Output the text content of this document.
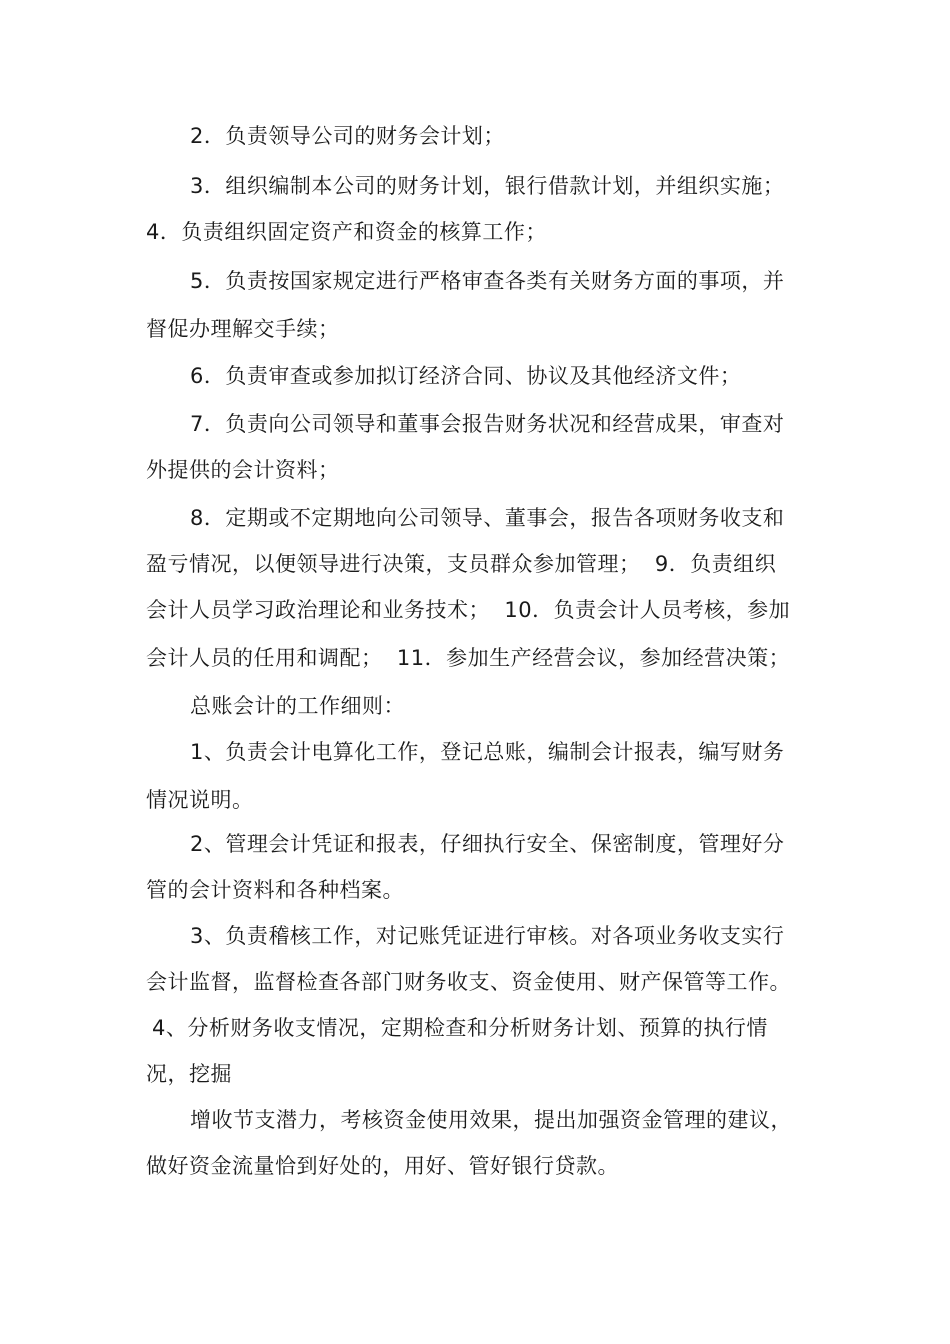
2．负责领导公司的财务会计划；
3．组织编制本公司的财务计划，银行借款计划，并组织实施；
4．负责组织固定资产和资金的核算工作；
5．负责按国家规定进行严格审查各类有关财务方面的事项，并
督促办理解交手续；
6．负责审查或参加拟订经济合同、协议及其他经济文件；
7．负责向公司领导和董事会报告财务状况和经营成果，审查对
外提供的会计资料；
8．定期或不定期地向公司领导、董事会，报告各项财务收支和
盈亏情况，以便领导进行决策，支员群众参加管理；  9．负责组织
会计人员学习政治理论和业务技术；  10．负责会计人员考核，参加
会计人员的任用和调配；  11．参加生产经营会议，参加经营决策；
总账会计的工作细则：
1、负责会计电算化工作，登记总账，编制会计报表，编写财务
情况说明。
2、管理会计凭证和报表，仔细执行安全、保密制度，管理好分
管的会计资料和各种档案。
3、负责稽核工作，对记账凭证进行审核。对各项业务收支实行
会计监督，监督检查各部门财务收支、资金使用、财产保管等工作。
4、分析财务收支情况，定期检查和分析财务计划、预算的执行情
况，挖掘
增收节支潜力，考核资金使用效果，提出加强资金管理的建议，
做好资金流量恰到好处的，用好、管好银行贷款。
